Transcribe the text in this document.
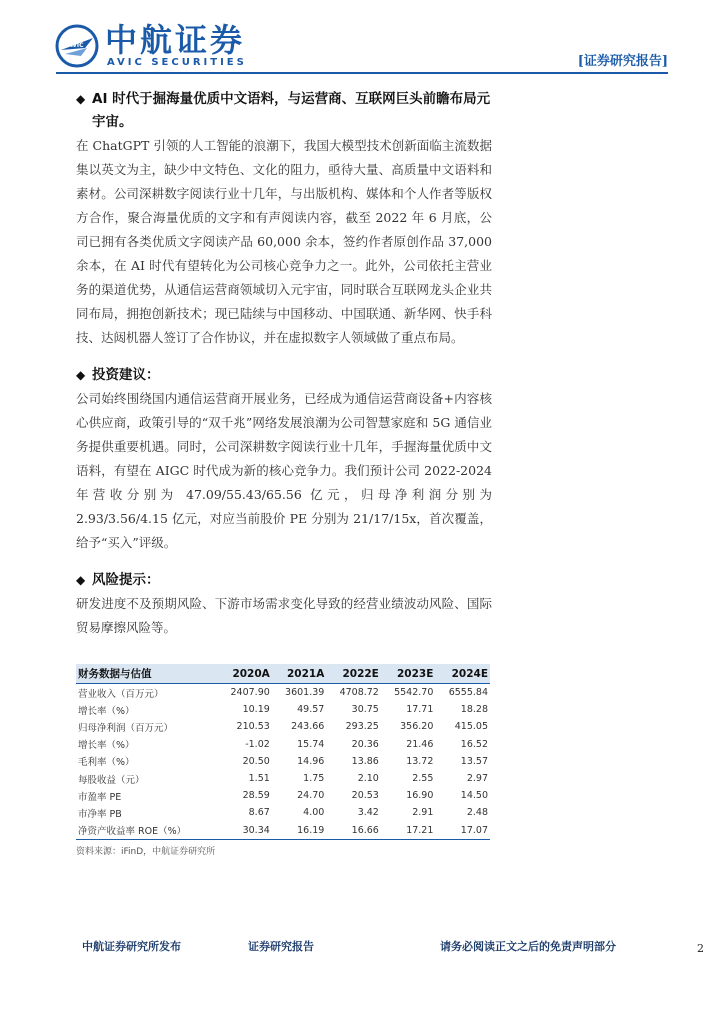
AVIC 中航证券
AVIC SECURITIES	[证券研究报告]
◆ AI 时代于掘海量优质中文语料，与运营商、互联网巨头前瞻布局元宇宙。

在 ChatGPT 引领的人工智能的浪潮下，我国大模型技术创新面临主流数据集以英文为主，缺少中文特色、文化的阻力，亟待大量、高质量中文语料和素材。公司深耕数字阅读行业十几年，与出版机构、媒体和个人作者等版权方合作，聚合海量优质的文字和有声阅读内容，截至 2022 年 6 月底，公司已拥有各类优质文字阅读产品 60,000 余本，签约作者原创作品 37,000 余本，在 AI 时代有望转化为公司核心竞争力之一。此外，公司依托主营业务的渠道优势，从通信运营商领域切入元宇宙，同时联合互联网龙头企业共同布局，拥抱创新技术；现已陆续与中国移动、中国联通、新华网、快手科技、达闼机器人签订了合作协议，并在虚拟数字人领域做了重点布局。

◆ 投资建议：

公司始终围绕国内通信运营商开展业务，已经成为通信运营商设备+内容核心供应商，政策引导的“双千兆”网络发展浪潮为公司智慧家庭和 5G 通信业务提供重要机遇。同时，公司深耕数字阅读行业十几年，手握海量优质中文语料，有望在 AIGC 时代成为新的核心竞争力。我们预计公司 2022-2024 年营收分别为 47.09/55.43/65.56 亿元，归母净利润分别为 2.93/3.56/4.15 亿元，对应当前股价 PE 分别为 21/17/15x，首次覆盖，给予“买入”评级。

◆ 风险提示：

研发进度不及预期风险、下游市场需求变化导致的经营业绩波动风险、国际贸易摩擦风险等。

财务数据与估值	2020A	2021A	2022E	2023E	2024E
营业收入（百万元）	2407.90	3601.39	4708.72	5542.70	6555.84
增长率（%）	10.19	49.57	30.75	17.71	18.28
归母净利润（百万元）	210.53	243.66	293.25	356.20	415.05
增长率（%）	-1.02	15.74	20.36	21.46	16.52
毛利率（%）	20.50	14.96	13.86	13.72	13.57
每股收益（元）	1.51	1.75	2.10	2.55	2.97
市盈率 PE	28.59	24.70	20.53	16.90	14.50
市净率 PB	8.67	4.00	3.42	2.91	2.48
净资产收益率 ROE（%）	30.34	16.19	16.66	17.21	17.07
资料来源：iFinD，中航证券研究所
中航证券研究所发布	证券研究报告	请务必阅读正文之后的免责声明部分	2
